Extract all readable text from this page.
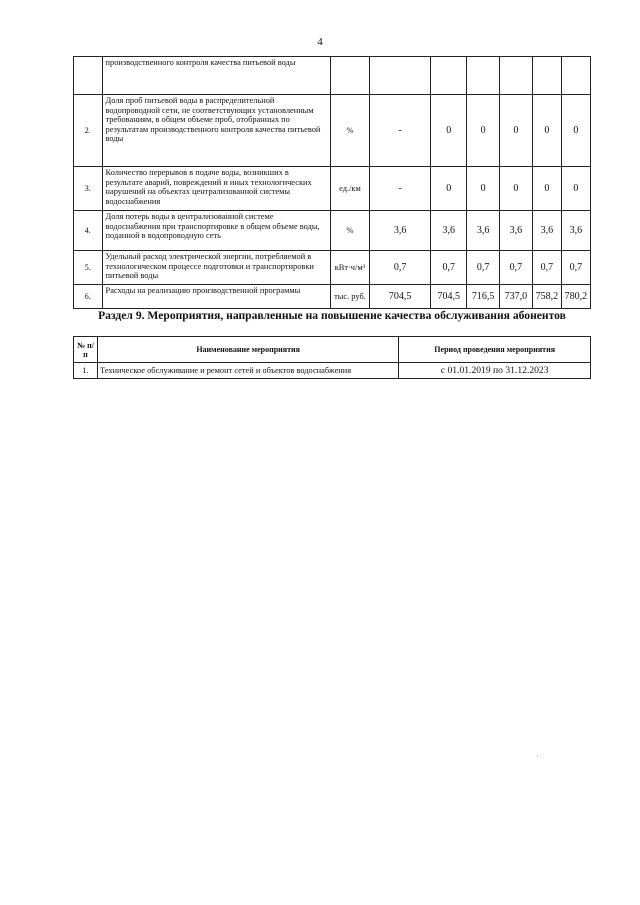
4
	производственного контроля качества питьевой воды							
2.	Доля проб питьевой воды в распределительной водопроводной сети, не соответствующих установленным требованиям, в общем объеме проб, отобранных по результатам производственного контроля качества питьевой воды	%	-	0	0	0	0	0
3.	Количество перерывов в подаче воды, возникших в результате аварий, повреждений и иных технологических нарушений на объектах централизованной системы водоснабжения	ед./км	-	0	0	0	0	0
4.	Доля потерь воды в централизованной системе водоснабжения при транспортировке в общем объеме воды, поданной в водопроводную сеть	%	3,6	3,6	3,6	3,6	3,6	3,6
5.	Удельный расход электрической энергии, потребляемой в технологическом процессе подготовки и транспортировки питьевой воды	кВт·ч/м³	0,7	0,7	0,7	0,7	0,7	0,7
6.	Расходы на реализацию производственной программы	тыс. руб.	704,5	704,5	716,5	737,0	758,2	780,2
Раздел 9. Мероприятия, направленные на повышение качества обслуживания абонентов
№ п/п	Наименование мероприятия	Период проведения мероприятия
1.	Техническое обслуживание и ремонт сетей и объектов водоснабжения	с 01.01.2019 по 31.12.2023
